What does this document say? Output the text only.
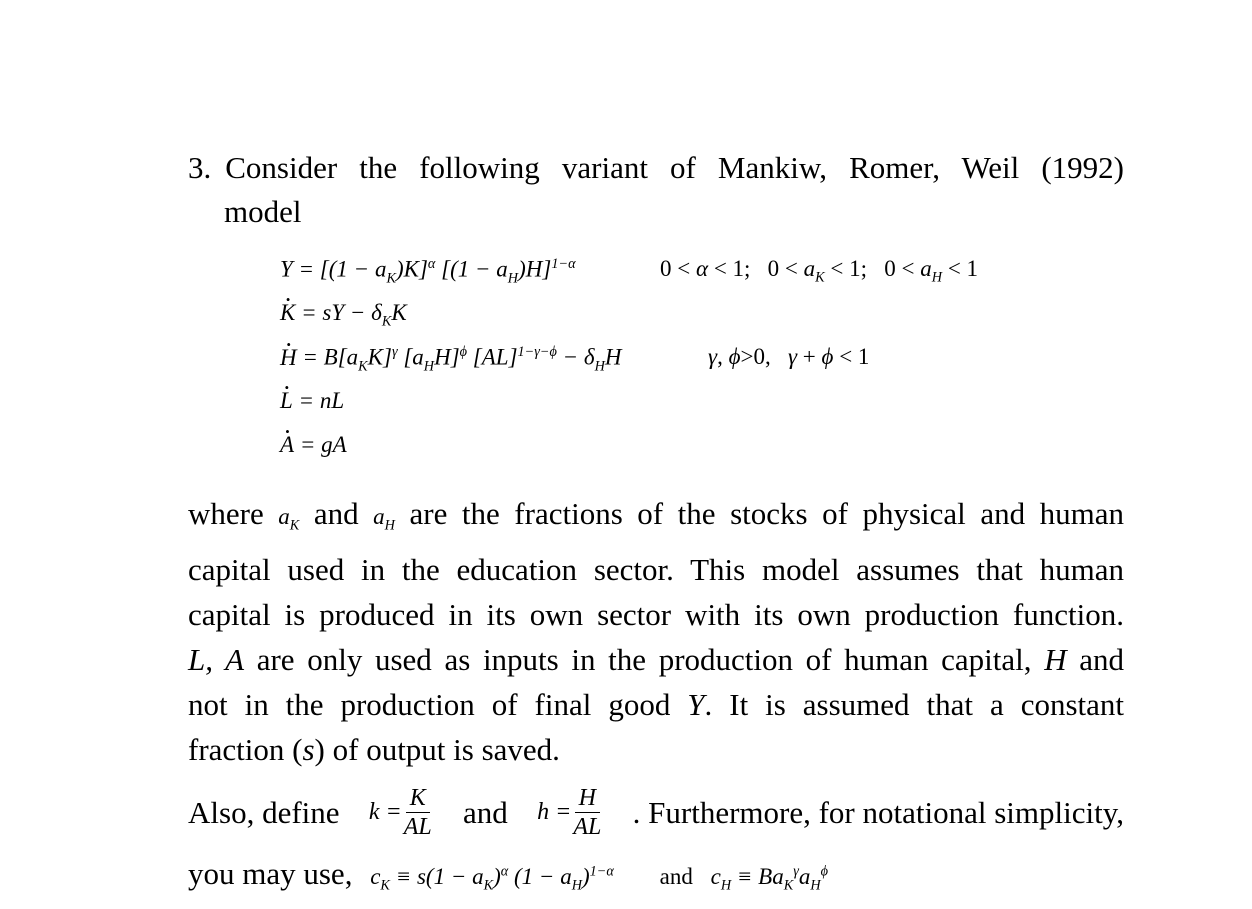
3. Consider the following variant of Mankiw, Romer, Weil (1992)
model
$Y = [(1 - a_K)K]^\alpha$ $[(1 - a_H)H]^{1-\alpha}$	0 < α < 1;   $0 < a_K < 1$;   $0 < a_H < 1$
· K = sY − $\delta_KK$
· $H = B[a_KK]^\gamma$ $[a_HH]^\phi$ $[AL]^{1-\gamma-\phi} - \delta_HH$	γ, ϕ>0,   γ + ϕ < 1
· L = nL
· A = gA
where $a_K$ and $a_H$ are the fractions of the stocks of physical and human
capital used in the education sector. This model assumes that human
capital is produced in its own sector with its own production function.
L, A are only used as inputs in the production of human capital, H and
not in the production of final good Y. It is assumed that a constant
fraction (s) of output is saved.
Also, define $k = \frac{K}{AL}$ and $h = \frac{H}{AL}$ . Furthermore, for notational simplicity,
you may use, $c_K \equiv s(1 - a_K)^\alpha$ $(1 - a_H)^{1-\alpha}$ and $c_H \equiv Ba_K^\gamma a_H^\phi$
